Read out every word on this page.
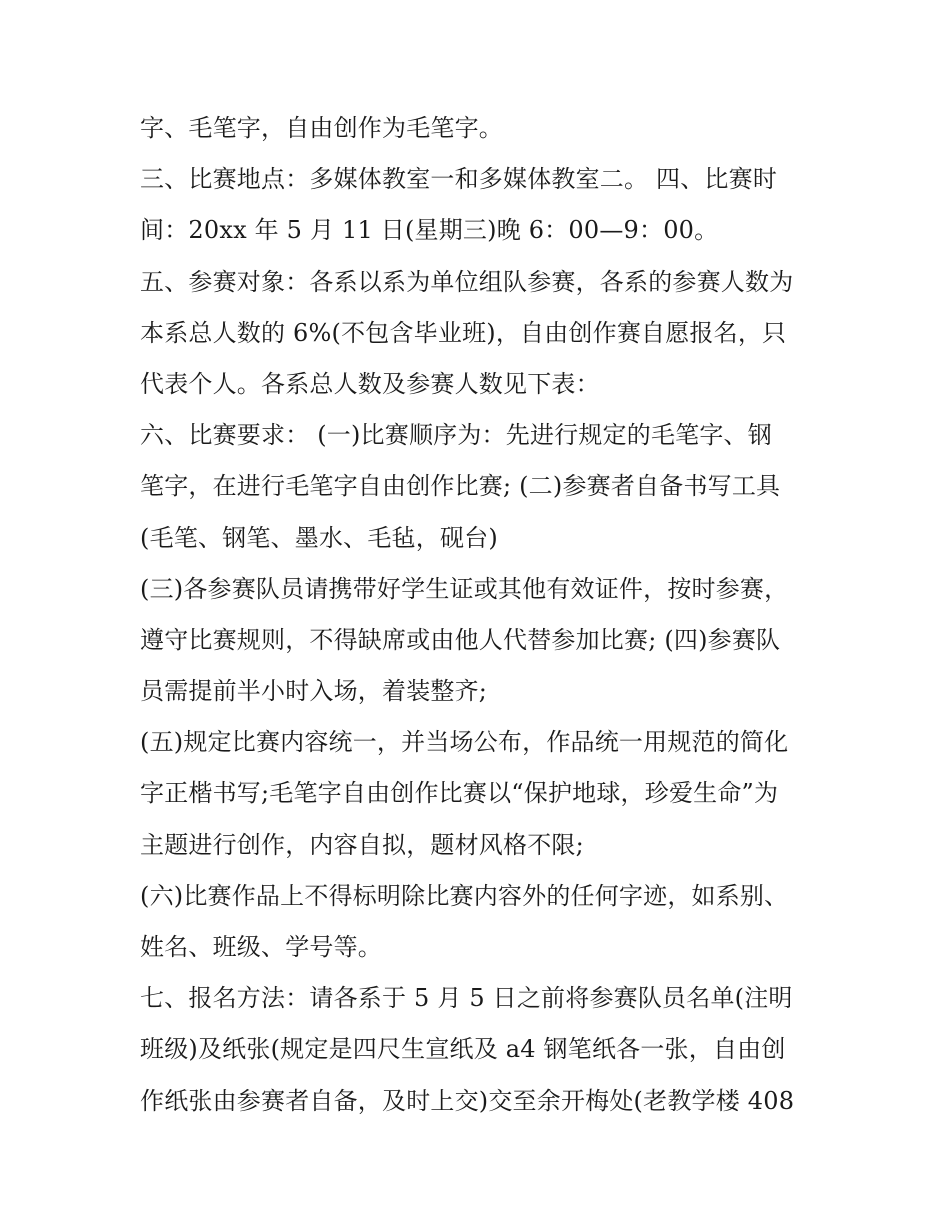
字、毛笔字，自由创作为毛笔字。
三、比赛地点：多媒体教室一和多媒体教室二。 四、比赛时
间：20xx 年 5 月 11 日(星期三)晚 6：00—9：00。
五、参赛对象：各系以系为单位组队参赛，各系的参赛人数为
本系总人数的 6%(不包含毕业班)，自由创作赛自愿报名，只
代表个人。各系总人数及参赛人数见下表：
六、比赛要求： (一)比赛顺序为：先进行规定的毛笔字、钢
笔字，在进行毛笔字自由创作比赛; (二)参赛者自备书写工具
(毛笔、钢笔、墨水、毛毡，砚台)
(三)各参赛队员请携带好学生证或其他有效证件，按时参赛，
遵守比赛规则，不得缺席或由他人代替参加比赛; (四)参赛队
员需提前半小时入场，着装整齐;
(五)规定比赛内容统一，并当场公布，作品统一用规范的简化
字正楷书写;毛笔字自由创作比赛以“保护地球，珍爱生命”为
主题进行创作，内容自拟，题材风格不限;
(六)比赛作品上不得标明除比赛内容外的任何字迹，如系别、
姓名、班级、学号等。
七、报名方法：请各系于 5 月 5 日之前将参赛队员名单(注明
班级)及纸张(规定是四尺生宣纸及 a4 钢笔纸各一张，自由创
作纸张由参赛者自备，及时上交)交至余开梅处(老教学楼 408
